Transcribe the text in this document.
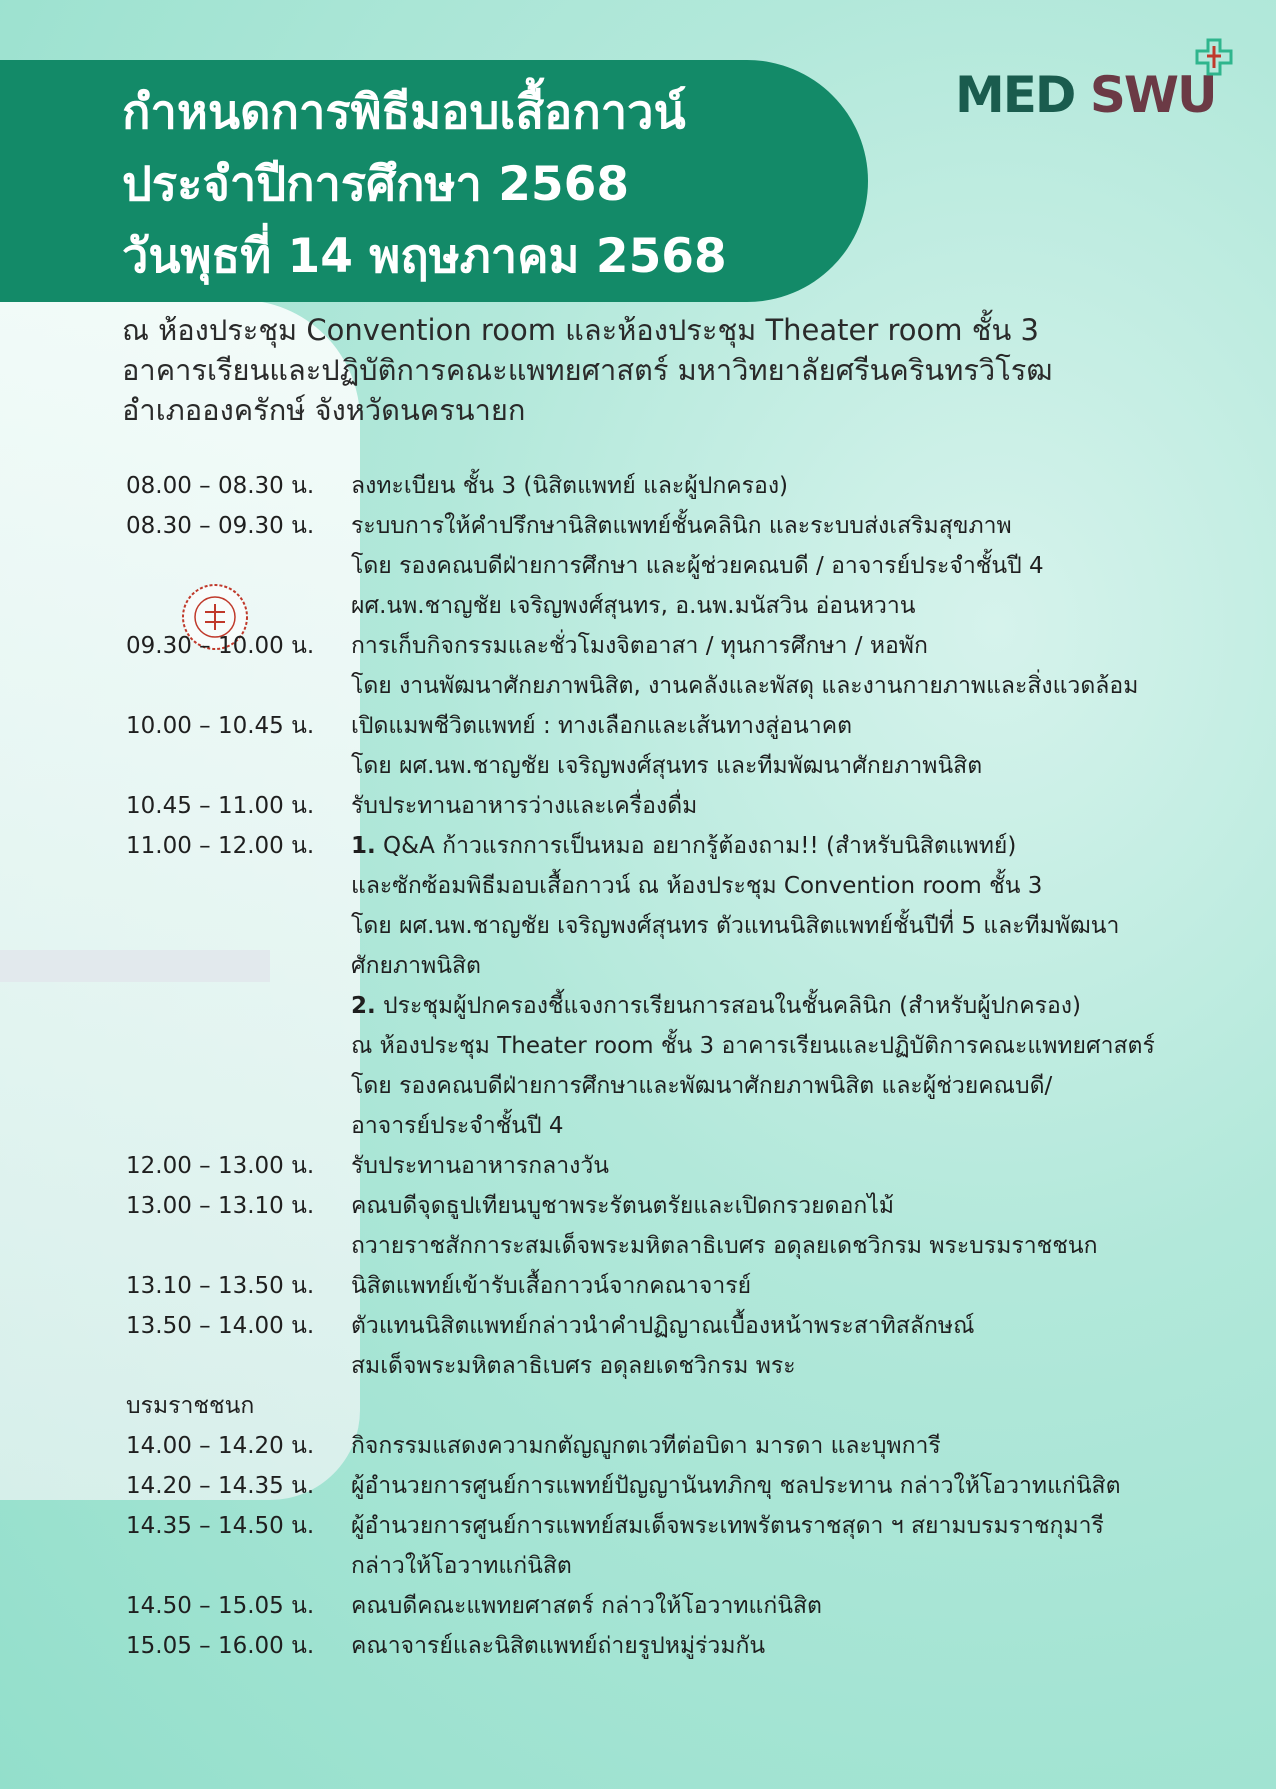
กำหนดการพิธีมอบเสื้อกาวน์
ประจำปีการศึกษา 2568
วันพุธที่ 14 พฤษภาคม 2568
MED SWU
ณ ห้องประชุม Convention room และห้องประชุม Theater room ชั้น 3
อาคารเรียนและปฏิบัติการคณะแพทยศาสตร์ มหาวิทยาลัยศรีนครินทรวิโรฒ
อำเภอองครักษ์ จังหวัดนครนายก
08.00 – 08.30 น.	ลงทะเบียน ชั้น 3 (นิสิตแพทย์ และผู้ปกครอง)
08.30 – 09.30 น.	ระบบการให้คำปรึกษานิสิตแพทย์ชั้นคลินิก และระบบส่งเสริมสุขภาพ
โดย รองคณบดีฝ่ายการศึกษา และผู้ช่วยคณบดี / อาจารย์ประจำชั้นปี 4
ผศ.นพ.ชาญชัย เจริญพงศ์สุนทร, อ.นพ.มนัสวิน อ่อนหวาน
09.30 – 10.00 น.	การเก็บกิจกรรมและชั่วโมงจิตอาสา / ทุนการศึกษา / หอพัก
โดย งานพัฒนาศักยภาพนิสิต, งานคลังและพัสดุ และงานกายภาพและสิ่งแวดล้อม
10.00 – 10.45 น.	เปิดแมพชีวิตแพทย์ : ทางเลือกและเส้นทางสู่อนาคต
โดย ผศ.นพ.ชาญชัย เจริญพงศ์สุนทร และทีมพัฒนาศักยภาพนิสิต
10.45 – 11.00 น.	รับประทานอาหารว่างและเครื่องดื่ม
11.00 – 12.00 น.	1. Q&A ก้าวแรกการเป็นหมอ อยากรู้ต้องถาม!! (สำหรับนิสิตแพทย์)
และซักซ้อมพิธีมอบเสื้อกาวน์ ณ ห้องประชุม Convention room ชั้น 3
โดย ผศ.นพ.ชาญชัย เจริญพงศ์สุนทร ตัวแทนนิสิตแพทย์ชั้นปีที่ 5 และทีมพัฒนา
ศักยภาพนิสิต
2. ประชุมผู้ปกครองชี้แจงการเรียนการสอนในชั้นคลินิก (สำหรับผู้ปกครอง)
ณ ห้องประชุม Theater room ชั้น 3 อาคารเรียนและปฏิบัติการคณะแพทยศาสตร์
โดย รองคณบดีฝ่ายการศึกษาและพัฒนาศักยภาพนิสิต และผู้ช่วยคณบดี/
อาจารย์ประจำชั้นปี 4
12.00 – 13.00 น.	รับประทานอาหารกลางวัน
13.00 – 13.10 น.	คณบดีจุดธูปเทียนบูชาพระรัตนตรัยและเปิดกรวยดอกไม้
ถวายราชสักการะสมเด็จพระมหิตลาธิเบศร อดุลยเดชวิกรม พระบรมราชชนก
13.10 – 13.50 น.	นิสิตแพทย์เข้ารับเสื้อกาวน์จากคณาจารย์
13.50 – 14.00 น.	ตัวแทนนิสิตแพทย์กล่าวนำคำปฏิญาณเบื้องหน้าพระสาทิสลักษณ์
สมเด็จพระมหิตลาธิเบศร อดุลยเดชวิกรม พระ
บรมราชชนก
14.00 – 14.20 น.	กิจกรรมแสดงความกตัญญูกตเวทีต่อบิดา มารดา และบุพการี
14.20 – 14.35 น.	ผู้อำนวยการศูนย์การแพทย์ปัญญานันทภิกขุ ชลประทาน กล่าวให้โอวาทแก่นิสิต
14.35 – 14.50 น.	ผู้อำนวยการศูนย์การแพทย์สมเด็จพระเทพรัตนราชสุดา ฯ สยามบรมราชกุมารี
กล่าวให้โอวาทแก่นิสิต
14.50 – 15.05 น.	คณบดีคณะแพทยศาสตร์ กล่าวให้โอวาทแก่นิสิต
15.05 – 16.00 น.	คณาจารย์และนิสิตแพทย์ถ่ายรูปหมู่ร่วมกัน
